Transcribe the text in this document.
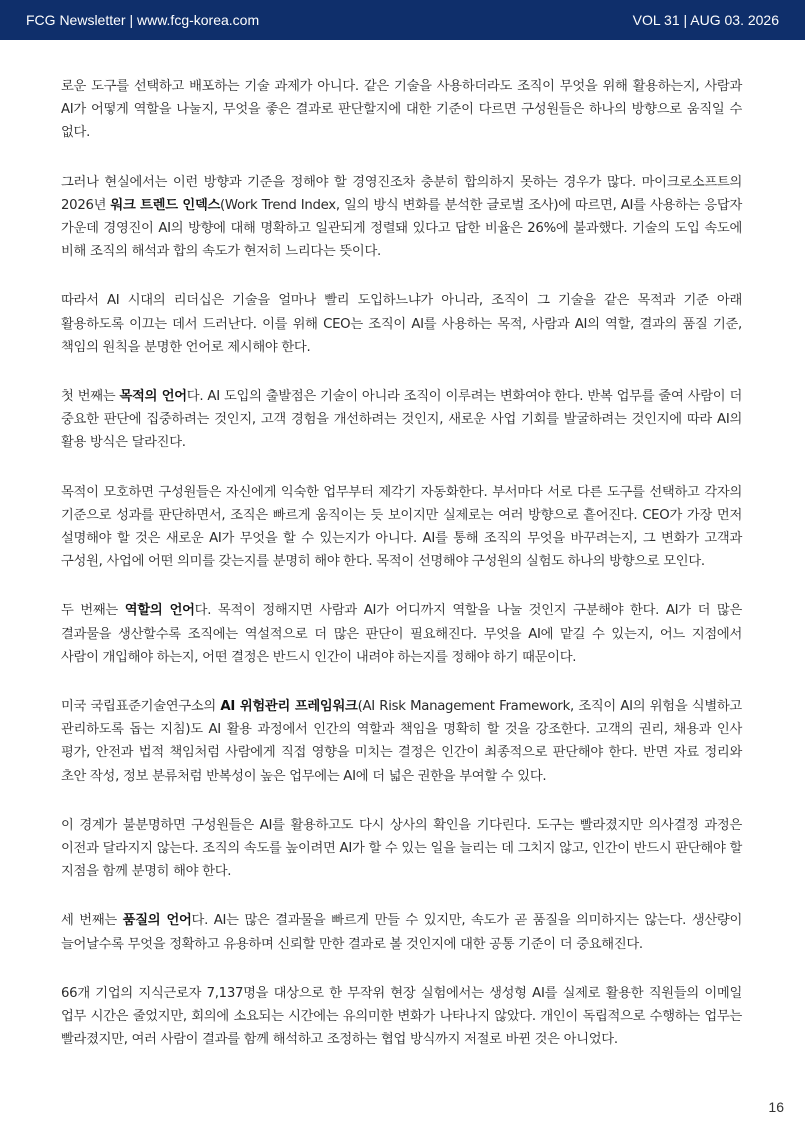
FCG Newsletter | www.fcg-korea.com	VOL 31 | AUG 03. 2026

로운 도구를 선택하고 배포하는 기술 과제가 아니다. 같은 기술을 사용하더라도 조직이 무엇을 위해 활용하는지, 사람과 AI가 어떻게 역할을 나눌지, 무엇을 좋은 결과로 판단할지에 대한 기준이 다르면 구성원들은 하나의 방향으로 움직일 수 없다.

그러나 현실에서는 이런 방향과 기준을 정해야 할 경영진조차 충분히 합의하지 못하는 경우가 많다. 마이크로소프트의 2026년 워크 트렌드 인덱스(Work Trend Index, 일의 방식 변화를 분석한 글로벌 조사)에 따르면, AI를 사용하는 응답자 가운데 경영진이 AI의 방향에 대해 명확하고 일관되게 정렬돼 있다고 답한 비율은 26%에 불과했다. 기술의 도입 속도에 비해 조직의 해석과 합의 속도가 현저히 느리다는 뜻이다.

따라서 AI 시대의 리더십은 기술을 얼마나 빨리 도입하느냐가 아니라, 조직이 그 기술을 같은 목적과 기준 아래 활용하도록 이끄는 데서 드러난다. 이를 위해 CEO는 조직이 AI를 사용하는 목적, 사람과 AI의 역할, 결과의 품질 기준, 책임의 원칙을 분명한 언어로 제시해야 한다.

첫 번째는 목적의 언어다. AI 도입의 출발점은 기술이 아니라 조직이 이루려는 변화여야 한다. 반복 업무를 줄여 사람이 더 중요한 판단에 집중하려는 것인지, 고객 경험을 개선하려는 것인지, 새로운 사업 기회를 발굴하려는 것인지에 따라 AI의 활용 방식은 달라진다.

목적이 모호하면 구성원들은 자신에게 익숙한 업무부터 제각기 자동화한다. 부서마다 서로 다른 도구를 선택하고 각자의 기준으로 성과를 판단하면서, 조직은 빠르게 움직이는 듯 보이지만 실제로는 여러 방향으로 흩어진다. CEO가 가장 먼저 설명해야 할 것은 새로운 AI가 무엇을 할 수 있는지가 아니다. AI를 통해 조직의 무엇을 바꾸려는지, 그 변화가 고객과 구성원, 사업에 어떤 의미를 갖는지를 분명히 해야 한다. 목적이 선명해야 구성원의 실험도 하나의 방향으로 모인다.

두 번째는 역할의 언어다. 목적이 정해지면 사람과 AI가 어디까지 역할을 나눌 것인지 구분해야 한다. AI가 더 많은 결과물을 생산할수록 조직에는 역설적으로 더 많은 판단이 필요해진다. 무엇을 AI에 맡길 수 있는지, 어느 지점에서 사람이 개입해야 하는지, 어떤 결정은 반드시 인간이 내려야 하는지를 정해야 하기 때문이다.

미국 국립표준기술연구소의 AI 위험관리 프레임워크(AI Risk Management Framework, 조직이 AI의 위험을 식별하고 관리하도록 돕는 지침)도 AI 활용 과정에서 인간의 역할과 책임을 명확히 할 것을 강조한다. 고객의 권리, 채용과 인사 평가, 안전과 법적 책임처럼 사람에게 직접 영향을 미치는 결정은 인간이 최종적으로 판단해야 한다. 반면 자료 정리와 초안 작성, 정보 분류처럼 반복성이 높은 업무에는 AI에 더 넓은 권한을 부여할 수 있다.

이 경계가 불분명하면 구성원들은 AI를 활용하고도 다시 상사의 확인을 기다린다. 도구는 빨라졌지만 의사결정 과정은 이전과 달라지지 않는다. 조직의 속도를 높이려면 AI가 할 수 있는 일을 늘리는 데 그치지 않고, 인간이 반드시 판단해야 할 지점을 함께 분명히 해야 한다.

세 번째는 품질의 언어다. AI는 많은 결과물을 빠르게 만들 수 있지만, 속도가 곧 품질을 의미하지는 않는다. 생산량이 늘어날수록 무엇을 정확하고 유용하며 신뢰할 만한 결과로 볼 것인지에 대한 공통 기준이 더 중요해진다.

66개 기업의 지식근로자 7,137명을 대상으로 한 무작위 현장 실험에서는 생성형 AI를 실제로 활용한 직원들의 이메일 업무 시간은 줄었지만, 회의에 소요되는 시간에는 유의미한 변화가 나타나지 않았다. 개인이 독립적으로 수행하는 업무는 빨라졌지만, 여러 사람이 결과를 함께 해석하고 조정하는 협업 방식까지 저절로 바뀐 것은 아니었다.

16
